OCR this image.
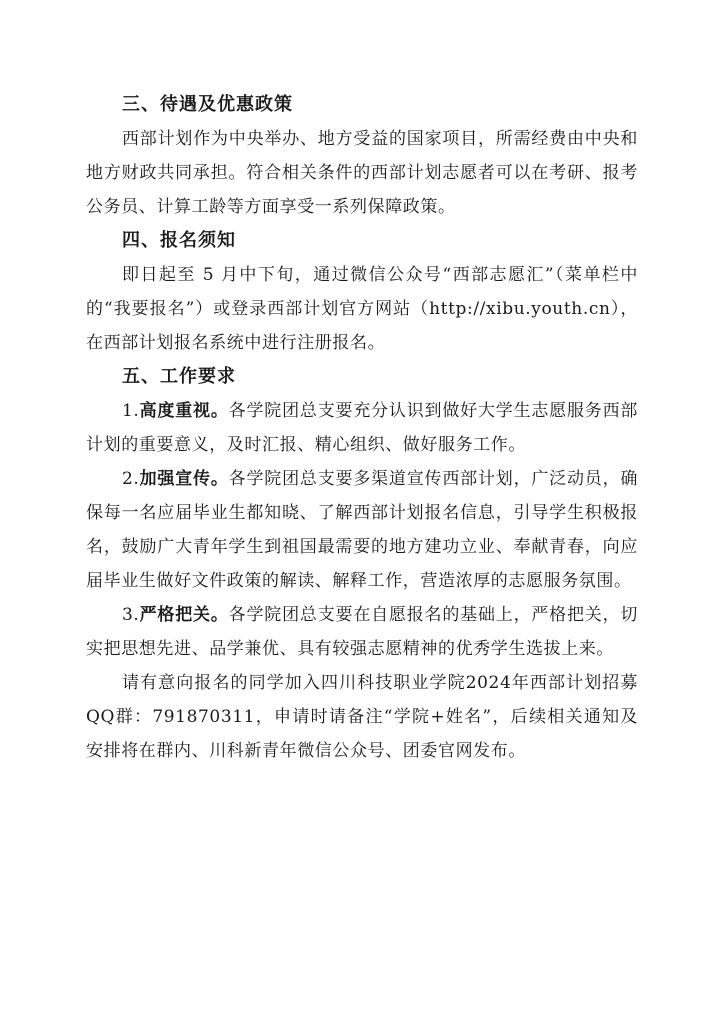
三、待遇及优惠政策

西部计划作为中央举办、地方受益的国家项目，所需经费由中央和地方财政共同承担。符合相关条件的西部计划志愿者可以在考研、报考公务员、计算工龄等方面享受一系列保障政策。

四、报名须知

即日起至 5 月中下旬，通过微信公众号“西部志愿汇”（菜单栏中的“我要报名”）或登录西部计划官方网站（http://xibu.youth.cn），在西部计划报名系统中进行注册报名。

五、工作要求

1.高度重视。各学院团总支要充分认识到做好大学生志愿服务西部计划的重要意义，及时汇报、精心组织、做好服务工作。

2.加强宣传。各学院团总支要多渠道宣传西部计划，广泛动员，确保每一名应届毕业生都知晓、了解西部计划报名信息，引导学生积极报名，鼓励广大青年学生到祖国最需要的地方建功立业、奉献青春，向应届毕业生做好文件政策的解读、解释工作，营造浓厚的志愿服务氛围。

3.严格把关。各学院团总支要在自愿报名的基础上，严格把关，切实把思想先进、品学兼优、具有较强志愿精神的优秀学生选拔上来。

请有意向报名的同学加入四川科技职业学院2024年西部计划招募QQ群：791870311，申请时请备注“学院+姓名”，后续相关通知及安排将在群内、川科新青年微信公众号、团委官网发布。
